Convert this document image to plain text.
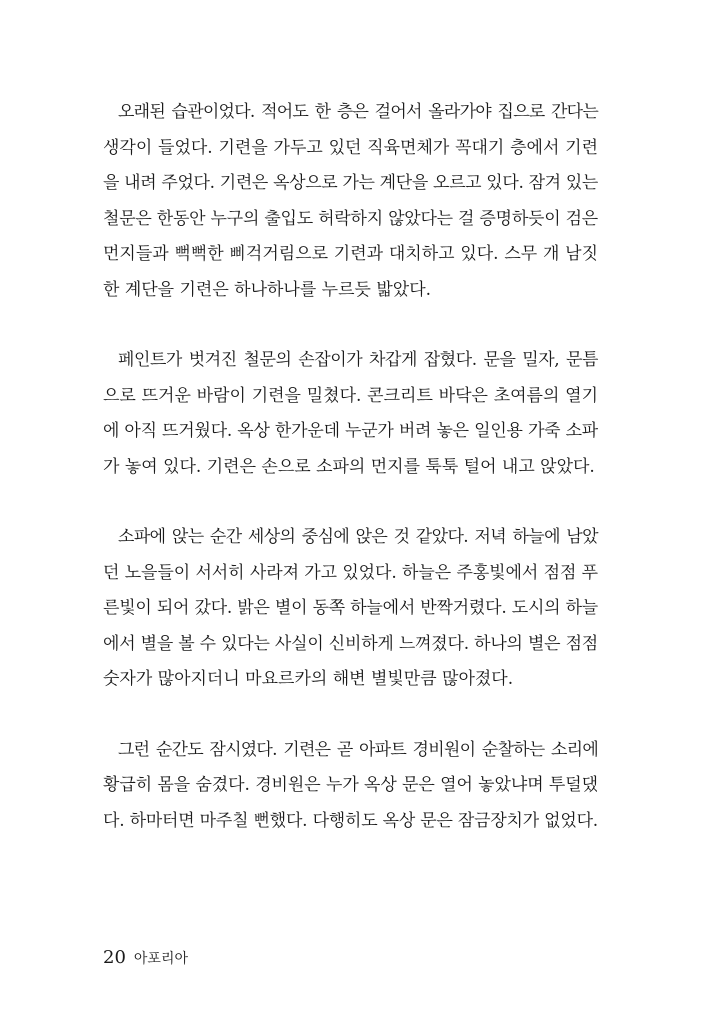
오래된 습관이었다. 적어도 한 층은 걸어서 올라가야 집으로 간다는
생각이 들었다. 기련을 가두고 있던 직육면체가 꼭대기 층에서 기련
을 내려 주었다. 기련은 옥상으로 가는 계단을 오르고 있다. 잠겨 있는
철문은 한동안 누구의 출입도 허락하지 않았다는 걸 증명하듯이 검은
먼지들과 뻑뻑한 삐걱거림으로 기련과 대치하고 있다. 스무 개 남짓
한 계단을 기련은 하나하나를 누르듯 밟았다.

페인트가 벗겨진 철문의 손잡이가 차갑게 잡혔다. 문을 밀자, 문틈
으로 뜨거운 바람이 기련을 밀쳤다. 콘크리트 바닥은 초여름의 열기
에 아직 뜨거웠다. 옥상 한가운데 누군가 버려 놓은 일인용 가죽 소파
가 놓여 있다. 기련은 손으로 소파의 먼지를 툭툭 털어 내고 앉았다.

소파에 앉는 순간 세상의 중심에 앉은 것 같았다. 저녁 하늘에 남았
던 노을들이 서서히 사라져 가고 있었다. 하늘은 주홍빛에서 점점 푸
른빛이 되어 갔다. 밝은 별이 동쪽 하늘에서 반짝거렸다. 도시의 하늘
에서 별을 볼 수 있다는 사실이 신비하게 느껴졌다. 하나의 별은 점점
숫자가 많아지더니 마요르카의 해변 별빛만큼 많아졌다.

그런 순간도 잠시였다. 기련은 곧 아파트 경비원이 순찰하는 소리에
황급히 몸을 숨겼다. 경비원은 누가 옥상 문은 열어 놓았냐며 투덜댔
다. 하마터면 마주칠 뻔했다. 다행히도 옥상 문은 잠금장치가 없었다.

20 아포리아
